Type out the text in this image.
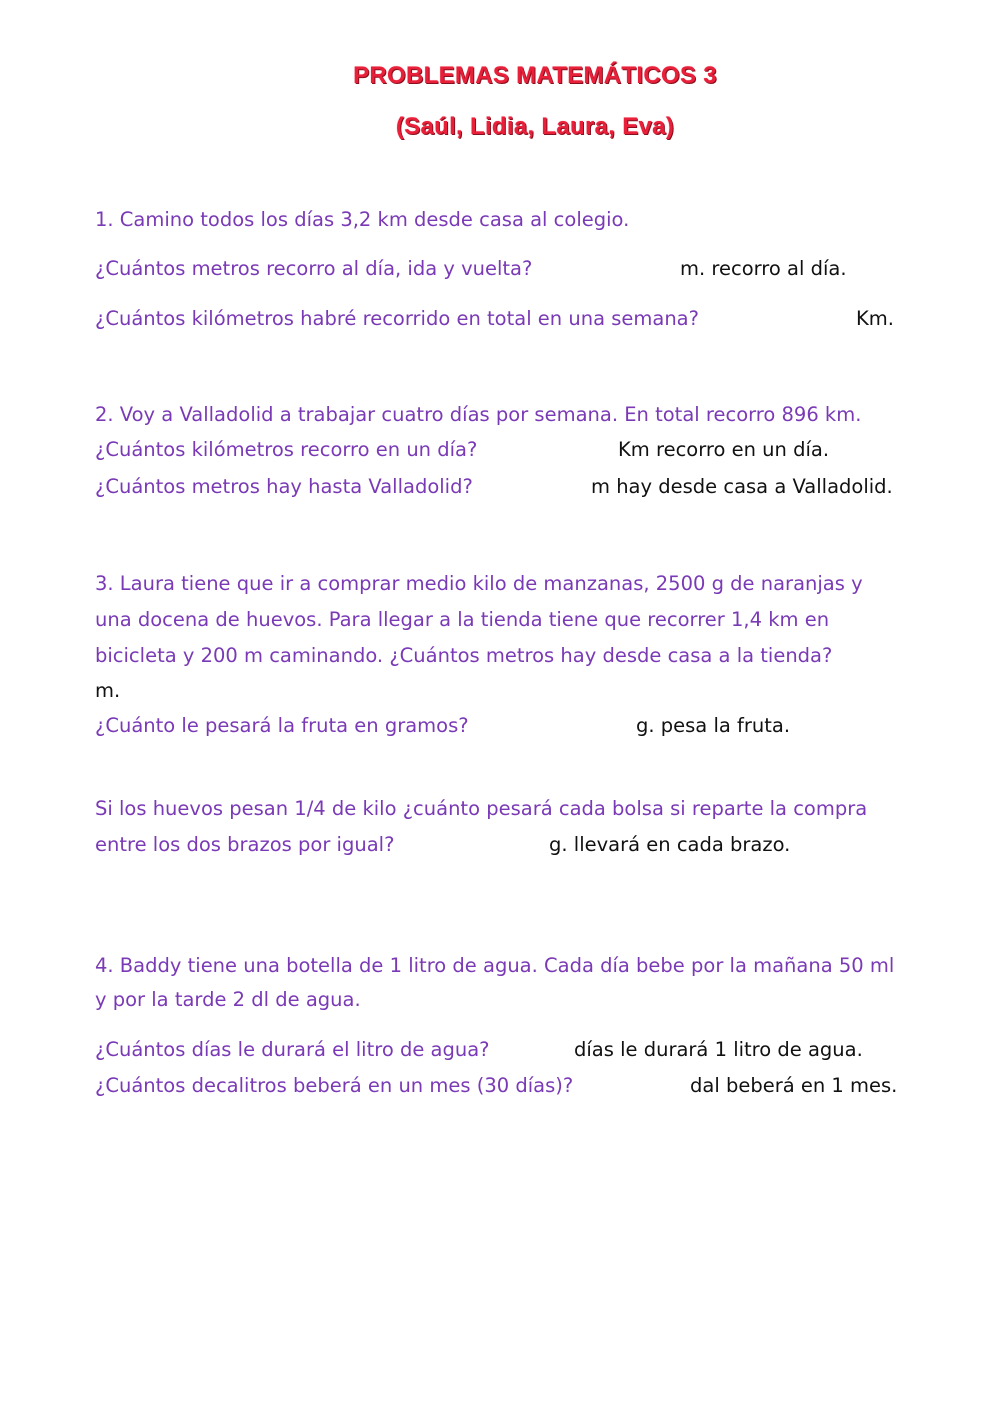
PROBLEMAS MATEMÁTICOS 3
(Saúl, Lidia, Laura, Eva)
1. Camino todos los días 3,2 km desde casa al colegio.
¿Cuántos metros recorro al día, ida y vuelta?	m. recorro al día.
¿Cuántos kilómetros habré recorrido en total en una semana?	Km.
2. Voy a Valladolid a trabajar cuatro días por semana. En total recorro 896 km.
¿Cuántos kilómetros recorro en un día?	Km recorro en un día.
¿Cuántos metros hay hasta Valladolid?	m hay desde casa a Valladolid.
3. Laura tiene que ir a comprar medio kilo de manzanas, 2500 g de naranjas y
una docena de huevos. Para llegar a la tienda tiene que recorrer 1,4 km en
bicicleta y 200 m caminando. ¿Cuántos metros hay desde casa a la tienda?
m.
¿Cuánto le pesará la fruta en gramos?	g. pesa la fruta.
Si los huevos pesan 1/4 de kilo ¿cuánto pesará cada bolsa si reparte la compra
entre los dos brazos por igual?	g. llevará en cada brazo.
4. Baddy tiene una botella de 1 litro de agua. Cada día bebe por la mañana 50 ml
y por la tarde 2 dl de agua.
¿Cuántos días le durará el litro de agua?	días le durará 1 litro de agua.
¿Cuántos decalitros beberá en un mes (30 días)?	dal beberá en 1 mes.
